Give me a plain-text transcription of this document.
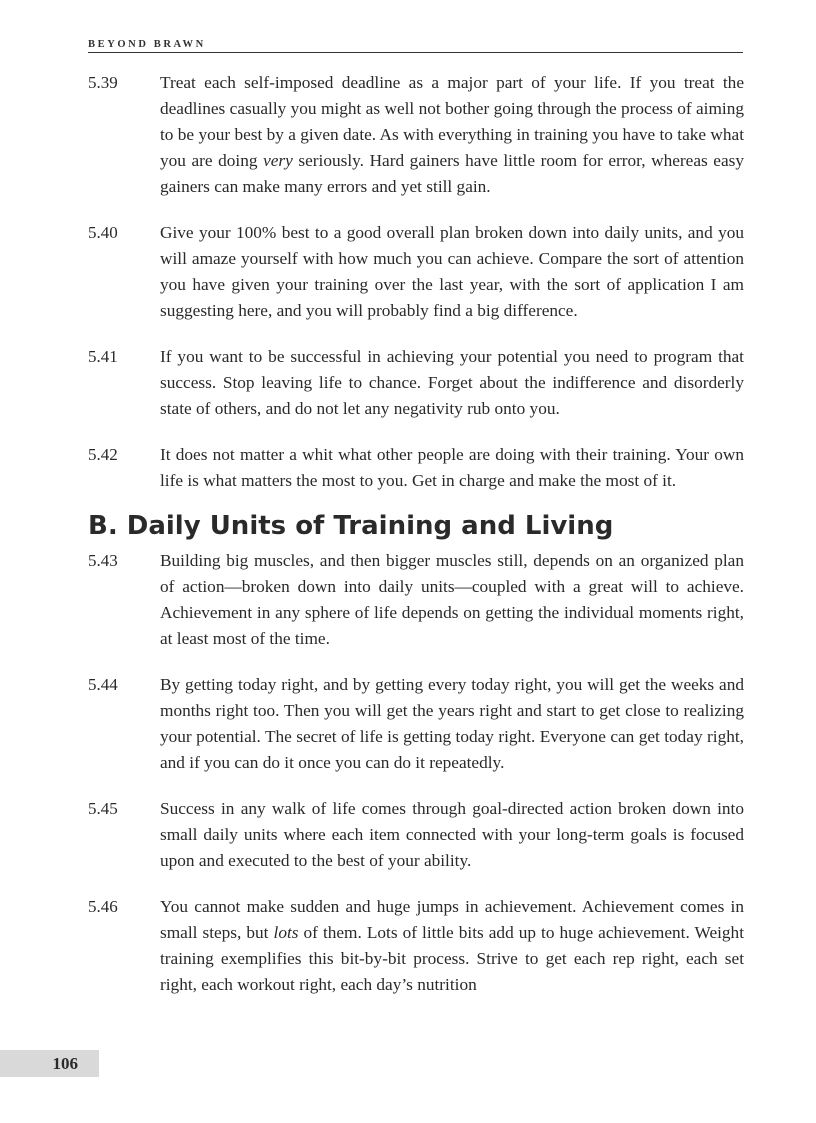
BEYOND BRAWN
5.39	Treat each self-imposed deadline as a major part of your life. If you treat the deadlines casually you might as well not bother going through the process of aiming to be your best by a given date. As with everything in training you have to take what you are doing very seriously. Hard gainers have little room for error, whereas easy gainers can make many errors and yet still gain.
5.40	Give your 100% best to a good overall plan broken down into daily units, and you will amaze yourself with how much you can achieve. Compare the sort of attention you have given your training over the last year, with the sort of application I am suggesting here, and you will probably find a big difference.
5.41	If you want to be successful in achieving your potential you need to program that success. Stop leaving life to chance. Forget about the indifference and disorderly state of others, and do not let any negativity rub onto you.
5.42	It does not matter a whit what other people are doing with their training. Your own life is what matters the most to you. Get in charge and make the most of it.
B. Daily Units of Training and Living
5.43	Building big muscles, and then bigger muscles still, depends on an organized plan of action—broken down into daily units—coupled with a great will to achieve. Achievement in any sphere of life depends on getting the individual moments right, at least most of the time.
5.44	By getting today right, and by getting every today right, you will get the weeks and months right too. Then you will get the years right and start to get close to realizing your potential. The secret of life is getting today right. Everyone can get today right, and if you can do it once you can do it repeatedly.
5.45	Success in any walk of life comes through goal-directed action broken down into small daily units where each item connected with your long-term goals is focused upon and executed to the best of your ability.
5.46	You cannot make sudden and huge jumps in achievement. Achievement comes in small steps, but lots of them. Lots of little bits add up to huge achievement. Weight training exemplifies this bit-by-bit process. Strive to get each rep right, each set right, each workout right, each day’s nutrition
106
